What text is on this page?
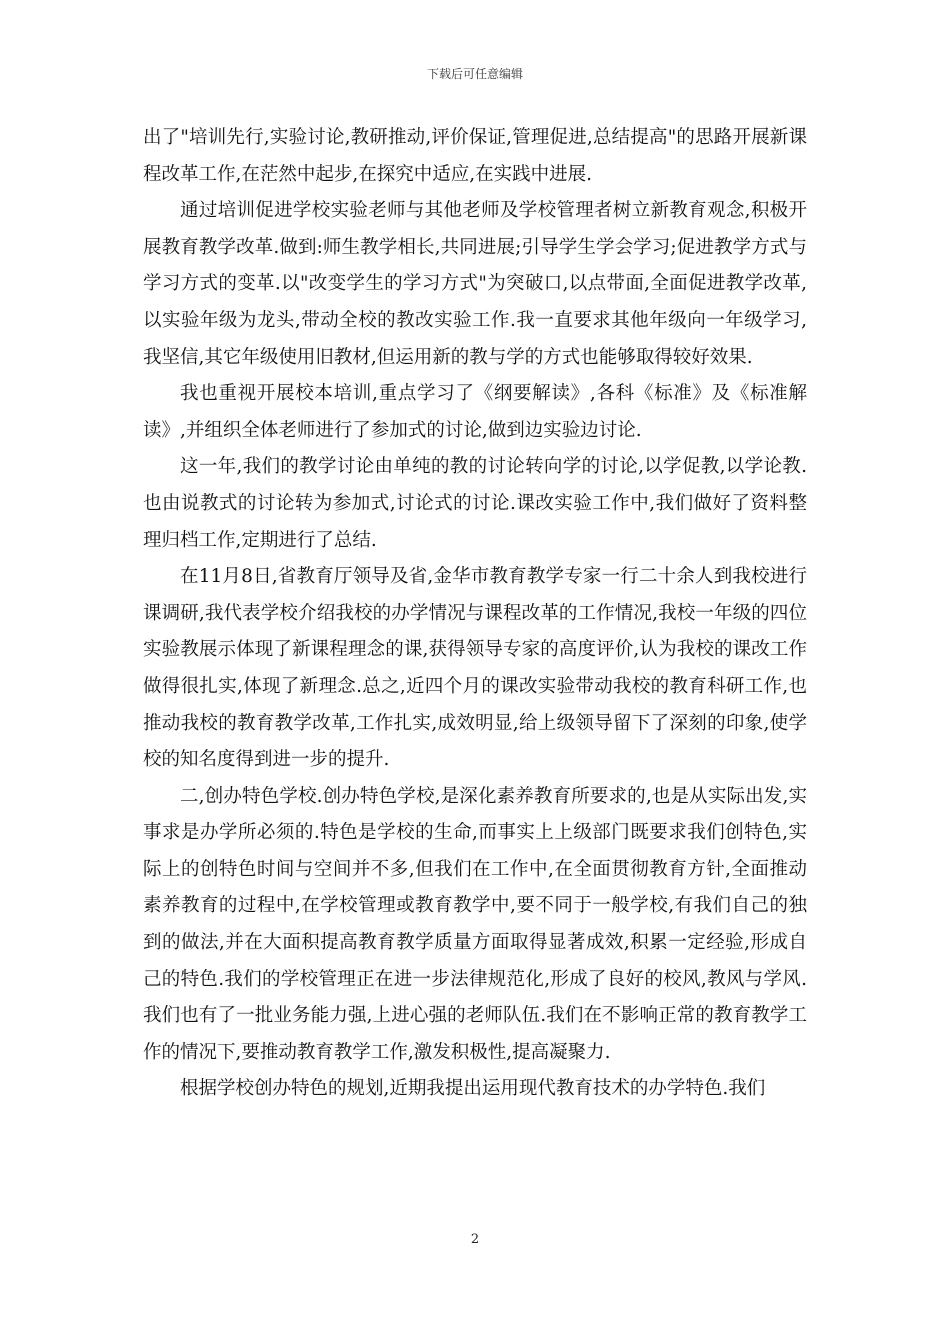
下载后可任意编辑

出了"培训先行,实验讨论,教研推动,评价保证,管理促进,总结提高"的思路开展新课程改革工作,在茫然中起步,在探究中适应,在实践中进展.

通过培训促进学校实验老师与其他老师及学校管理者树立新教育观念,积极开展教育教学改革.做到:师生教学相长,共同进展;引导学生学会学习;促进教学方式与学习方式的变革.以"改变学生的学习方式"为突破口,以点带面,全面促进教学改革,以实验年级为龙头,带动全校的教改实验工作.我一直要求其他年级向一年级学习,我坚信,其它年级使用旧教材,但运用新的教与学的方式也能够取得较好效果.

我也重视开展校本培训,重点学习了《纲要解读》,各科《标准》及《标准解读》,并组织全体老师进行了参加式的讨论,做到边实验边讨论.

这一年,我们的教学讨论由单纯的教的讨论转向学的讨论,以学促教,以学论教.也由说教式的讨论转为参加式,讨论式的讨论.课改实验工作中,我们做好了资料整理归档工作,定期进行了总结.

在11月8日,省教育厅领导及省,金华市教育教学专家一行二十余人到我校进行课调研,我代表学校介绍我校的办学情况与课程改革的工作情况,我校一年级的四位实验教展示体现了新课程理念的课,获得领导专家的高度评价,认为我校的课改工作做得很扎实,体现了新理念.总之,近四个月的课改实验带动我校的教育科研工作,也推动我校的教育教学改革,工作扎实,成效明显,给上级领导留下了深刻的印象,使学校的知名度得到进一步的提升.

二,创办特色学校.创办特色学校,是深化素养教育所要求的,也是从实际出发,实事求是办学所必须的.特色是学校的生命,而事实上上级部门既要求我们创特色,实际上的创特色时间与空间并不多,但我们在工作中,在全面贯彻教育方针,全面推动素养教育的过程中,在学校管理或教育教学中,要不同于一般学校,有我们自己的独到的做法,并在大面积提高教育教学质量方面取得显著成效,积累一定经验,形成自己的特色.我们的学校管理正在进一步法律规范化,形成了良好的校风,教风与学风.我们也有了一批业务能力强,上进心强的老师队伍.我们在不影响正常的教育教学工作的情况下,要推动教育教学工作,激发积极性,提高凝聚力.

根据学校创办特色的规划,近期我提出运用现代教育技术的办学特色.我们

2
